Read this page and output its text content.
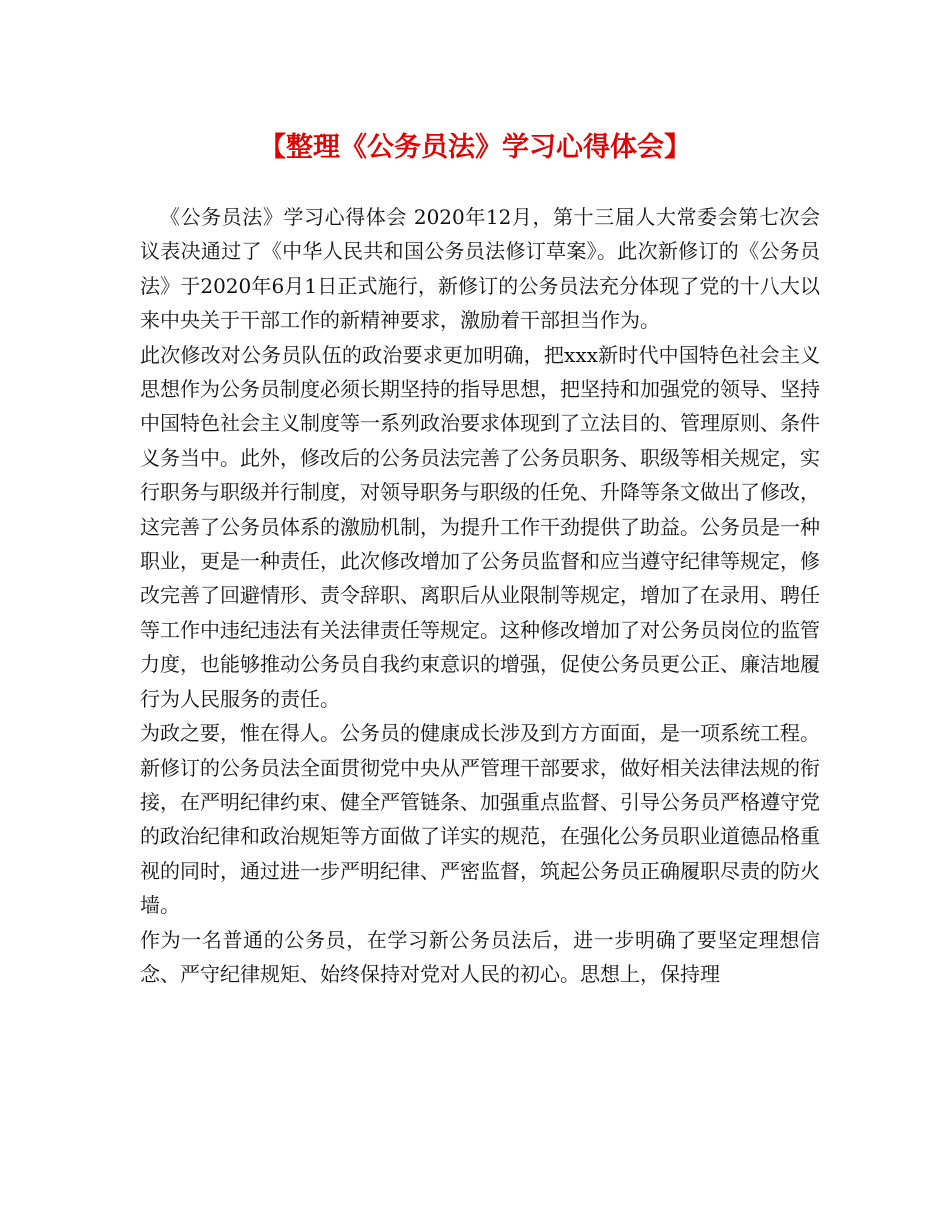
【整理《公务员法》学习心得体会】

《公务员法》学习心得体会 2020年12月，第十三届人大常委会第七次会议表决通过了《中华人民共和国公务员法修订草案》。此次新修订的《公务员法》于2020年6月1日正式施行，新修订的公务员法充分体现了党的十八大以来中央关于干部工作的新精神要求，激励着干部担当作为。

此次修改对公务员队伍的政治要求更加明确，把xxx新时代中国特色社会主义思想作为公务员制度必须长期坚持的指导思想，把坚持和加强党的领导、坚持中国特色社会主义制度等一系列政治要求体现到了立法目的、管理原则、条件义务当中。此外，修改后的公务员法完善了公务员职务、职级等相关规定，实行职务与职级并行制度，对领导职务与职级的任免、升降等条文做出了修改，这完善了公务员体系的激励机制，为提升工作干劲提供了助益。公务员是一种职业，更是一种责任，此次修改增加了公务员监督和应当遵守纪律等规定，修改完善了回避情形、责令辞职、离职后从业限制等规定，增加了在录用、聘任等工作中违纪违法有关法律责任等规定。这种修改增加了对公务员岗位的监管力度，也能够推动公务员自我约束意识的增强，促使公务员更公正、廉洁地履行为人民服务的责任。

为政之要，惟在得人。公务员的健康成长涉及到方方面面，是一项系统工程。新修订的公务员法全面贯彻党中央从严管理干部要求，做好相关法律法规的衔接，在严明纪律约束、健全严管链条、加强重点监督、引导公务员严格遵守党的政治纪律和政治规矩等方面做了详实的规范，在强化公务员职业道德品格重视的同时，通过进一步严明纪律、严密监督，筑起公务员正确履职尽责的防火墙。

作为一名普通的公务员，在学习新公务员法后，进一步明确了要坚定理想信念、严守纪律规矩、始终保持对党对人民的初心。思想上，保持理
